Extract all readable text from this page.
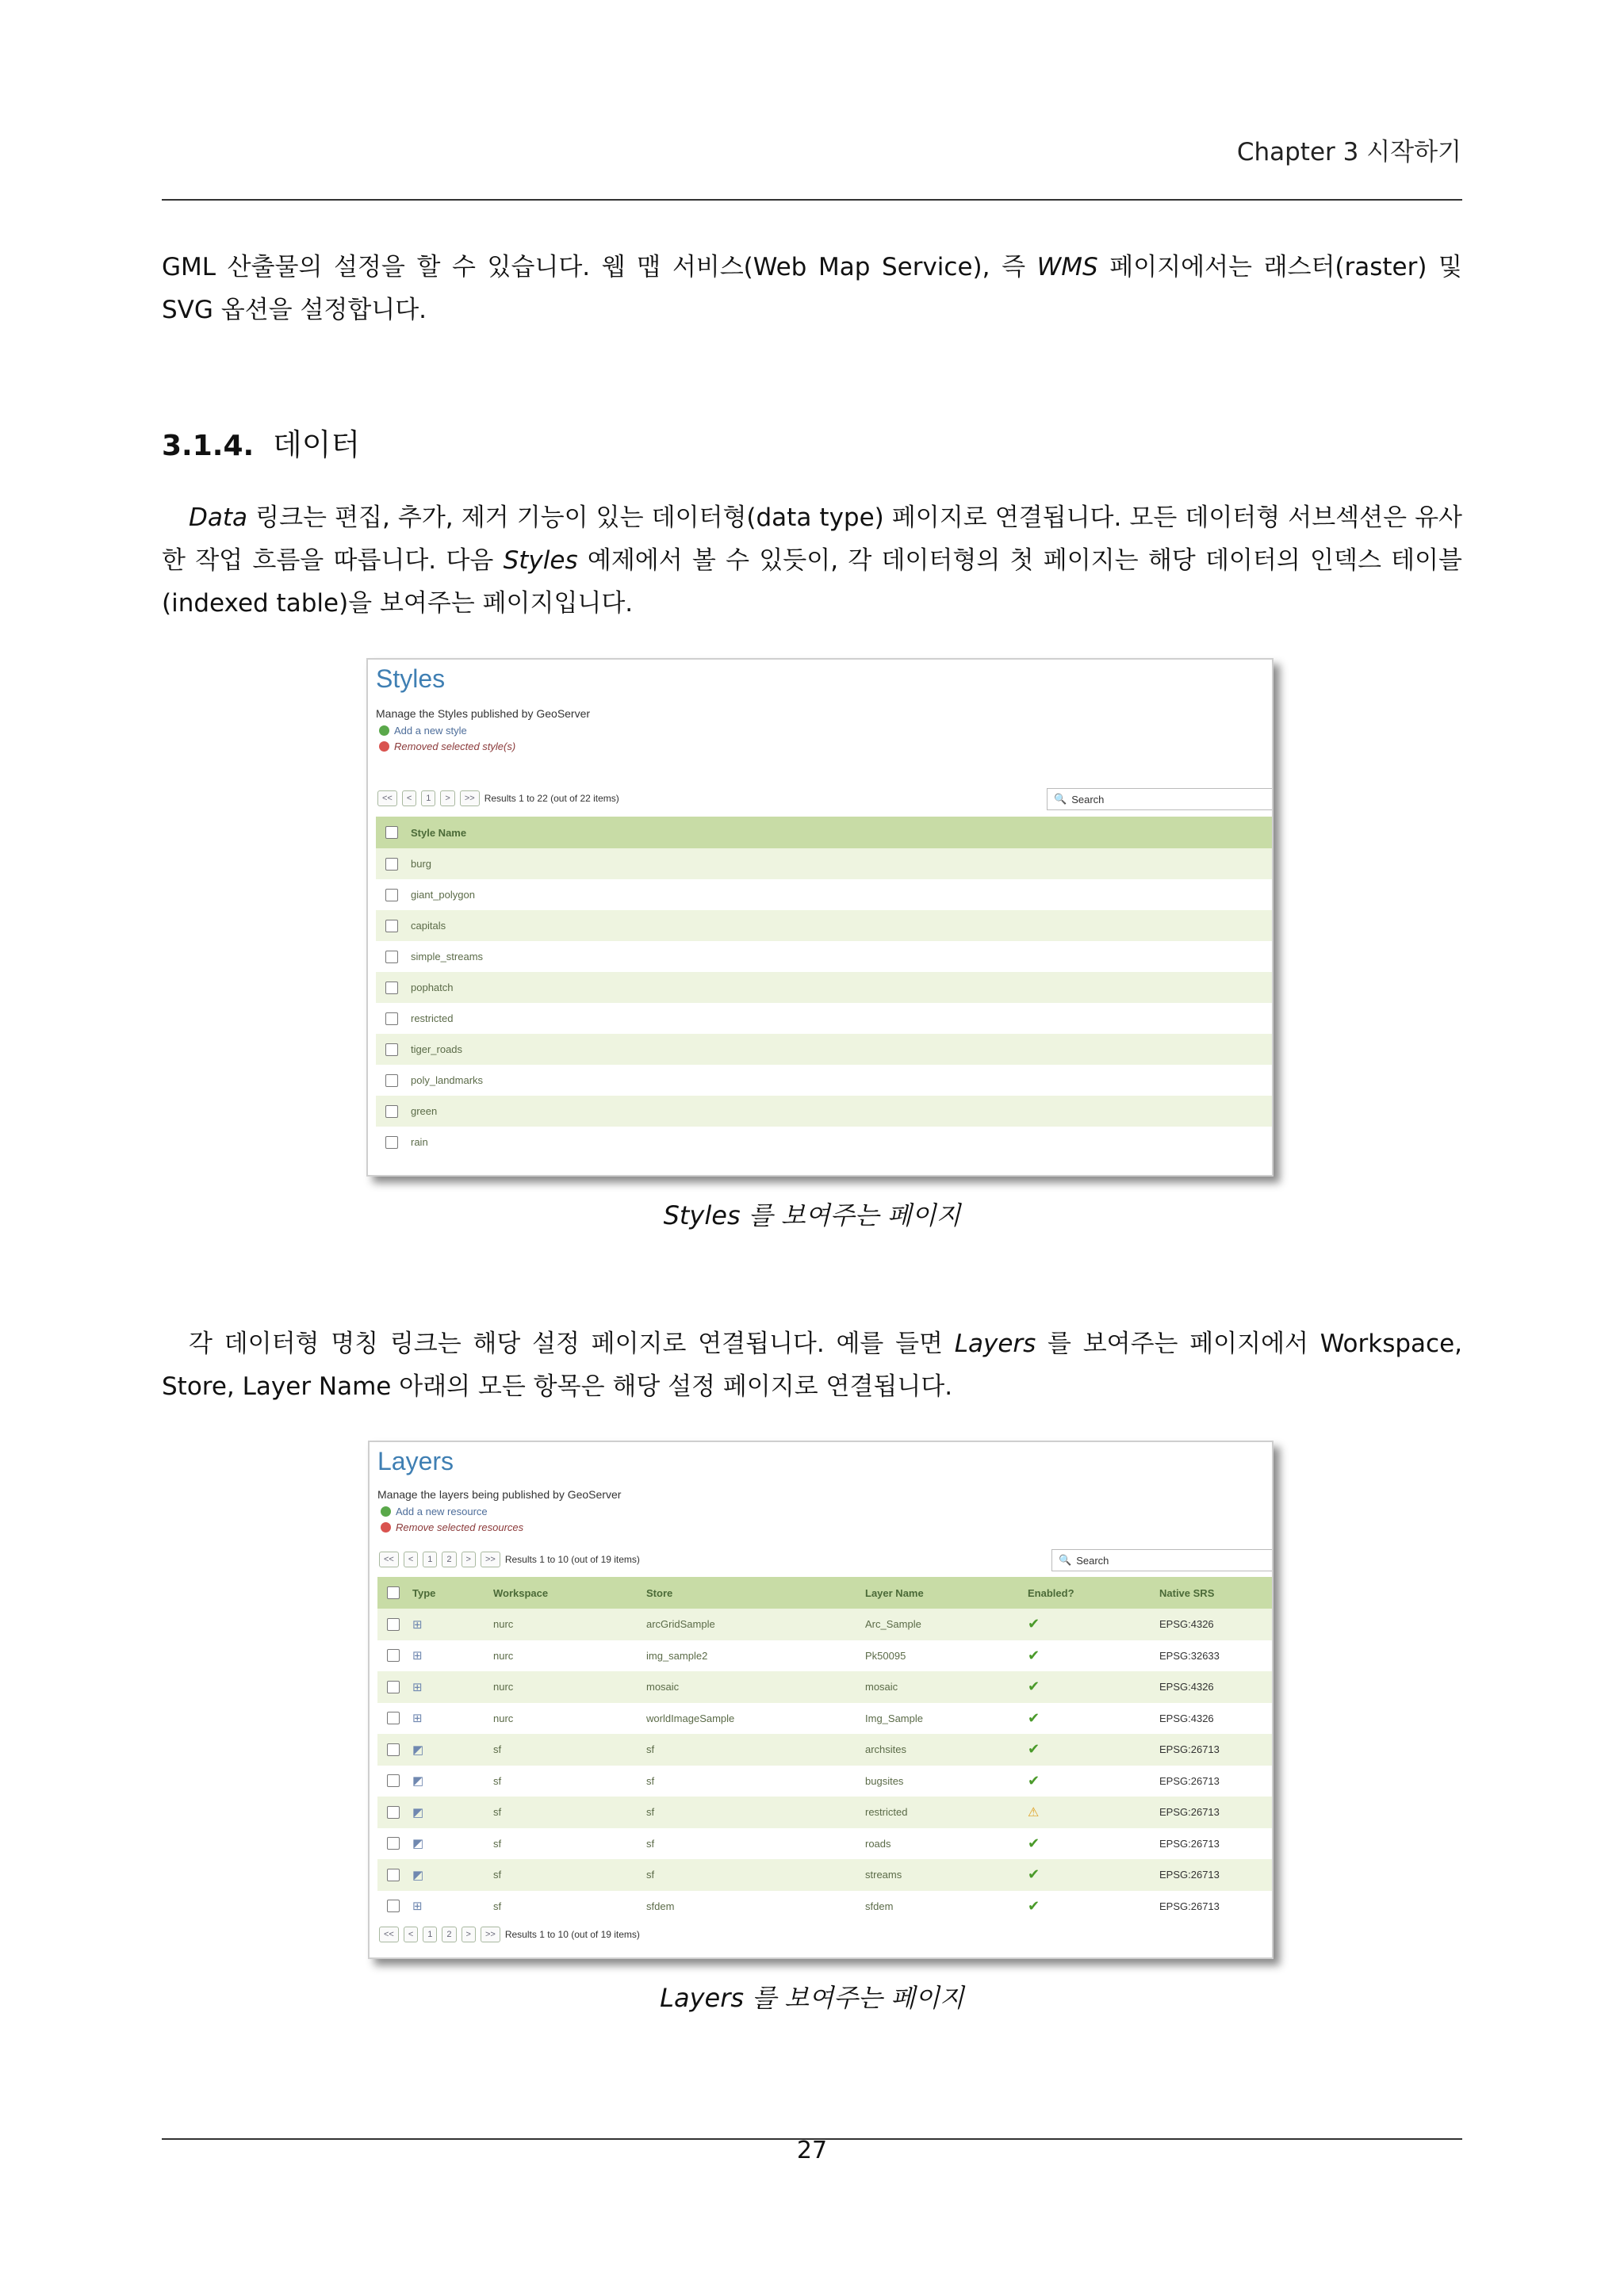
Chapter 3 시작하기
GML 산출물의 설정을 할 수 있습니다. 웹 맵 서비스(Web Map Service), 즉 WMS 페이지에서는 래스터(raster) 및 SVG 옵션을 설정합니다.
3.1.4. 데이터
Data 링크는 편집, 추가, 제거 기능이 있는 데이터형(data type) 페이지로 연결됩니다. 모든 데이터형 서브섹션은 유사한 작업 흐름을 따릅니다. 다음 Styles 예제에서 볼 수 있듯이, 각 데이터형의 첫 페이지는 해당 데이터의 인덱스 테이블(indexed table)을 보여주는 페이지입니다.
Styles
Manage the Styles published by GeoServer
Add a new style
Removed selected style(s)
<<	<	1	>	>>	Results 1 to 22 (out of 22 items)	🔍 Search
Style Name
burg
giant_polygon
capitals
simple_streams
pophatch
restricted
tiger_roads
poly_landmarks
green
rain
Styles 를 보여주는 페이지
각 데이터형 명칭 링크는 해당 설정 페이지로 연결됩니다. 예를 들면 Layers 를 보여주는 페이지에서 Workspace, Store, Layer Name 아래의 모든 항목은 해당 설정 페이지로 연결됩니다.
Layers
Manage the layers being published by GeoServer
Add a new resource
Remove selected resources
<<	<	1	2	>	>>	Results 1 to 10 (out of 19 items)	🔍 Search
Type	Workspace	Store	Layer Name	Enabled?	Native SRS
⊞	nurc	arcGridSample	Arc_Sample	✔	EPSG:4326
⊞	nurc	img_sample2	Pk50095	✔	EPSG:32633
⊞	nurc	mosaic	mosaic	✔	EPSG:4326
⊞	nurc	worldImageSample	Img_Sample	✔	EPSG:4326
◩	sf	sf	archsites	✔	EPSG:26713
◩	sf	sf	bugsites	✔	EPSG:26713
◩	sf	sf	restricted	⚠	EPSG:26713
◩	sf	sf	roads	✔	EPSG:26713
◩	sf	sf	streams	✔	EPSG:26713
⊞	sf	sfdem	sfdem	✔	EPSG:26713
<<	<	1	2	>	>>	Results 1 to 10 (out of 19 items)
Layers 를 보여주는 페이지
27
